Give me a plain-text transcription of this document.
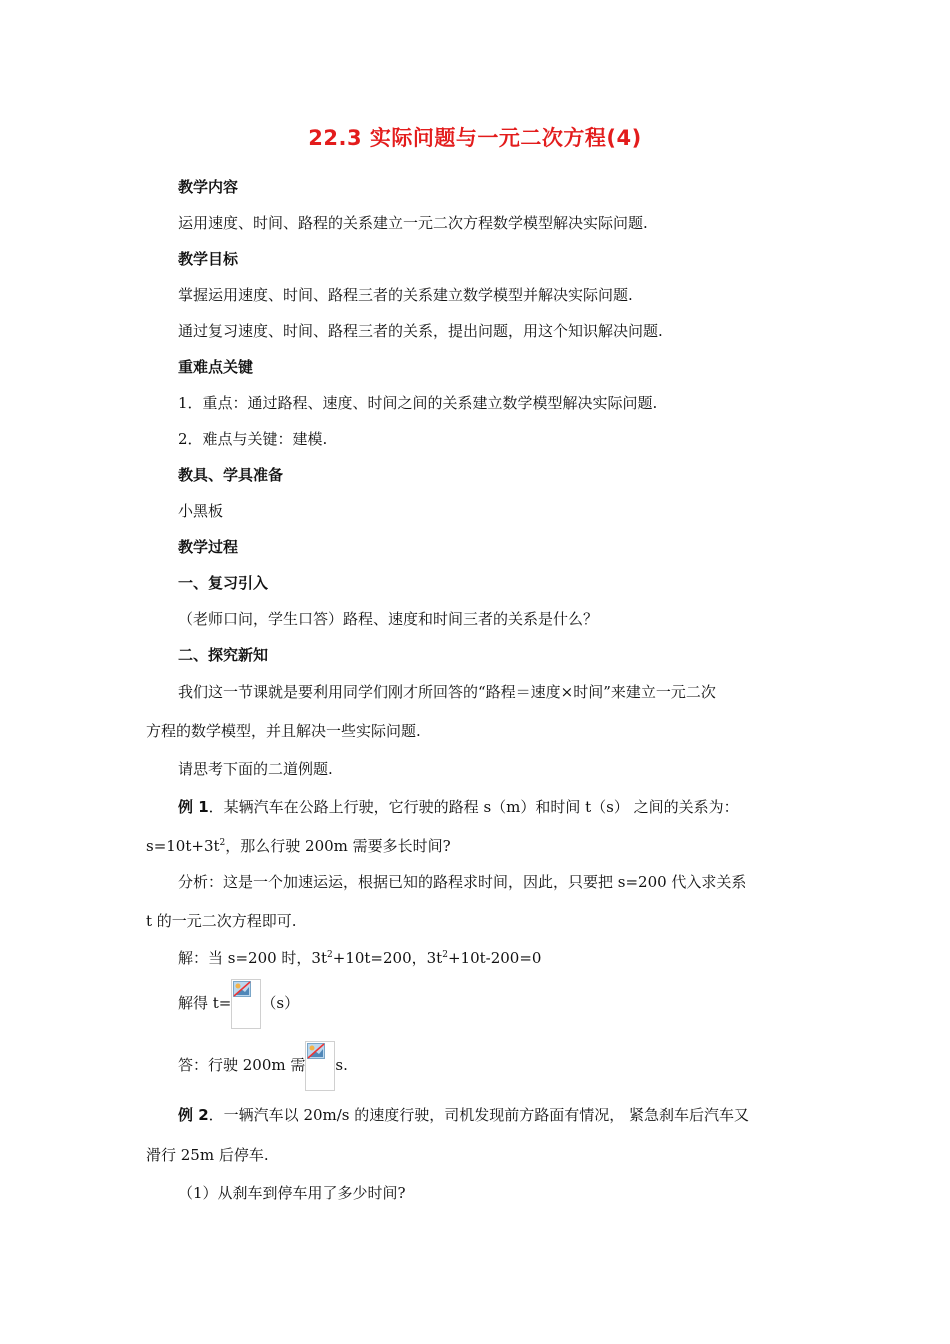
22.3 实际问题与一元二次方程(4)
教学内容
运用速度、时间、路程的关系建立一元二次方程数学模型解决实际问题.
教学目标
掌握运用速度、时间、路程三者的关系建立数学模型并解决实际问题.
通过复习速度、时间、路程三者的关系，提出问题，用这个知识解决问题.
重难点关键
1．重点：通过路程、速度、时间之间的关系建立数学模型解决实际问题.
2．难点与关键：建模.
教具、学具准备
小黑板
教学过程
一、复习引入
（老师口问，学生口答）路程、速度和时间三者的关系是什么？
二、探究新知
我们这一节课就是要利用同学们刚才所回答的“路程＝速度×时间”来建立一元二次
方程的数学模型，并且解决一些实际问题.
请思考下面的二道例题.
例 1．某辆汽车在公路上行驶，它行驶的路程 s（m）和时间 t（s） 之间的关系为：
$s=10t+3t^2$，那么行驶 200m 需要多长时间?
分析：这是一个加速运运，根据已知的路程求时间，因此，只要把 s=200 代入求关系
t 的一元二次方程即可.
解：当 s=200 时，$3t^2+10t=200$，$3t^2+10t-200=0$
解得 t= （s）
答：行驶 200m 需 s.
例 2．一辆汽车以 20m/s 的速度行驶，司机发现前方路面有情况， 紧急刹车后汽车又
滑行 25m 后停车.
（1）从刹车到停车用了多少时间?
